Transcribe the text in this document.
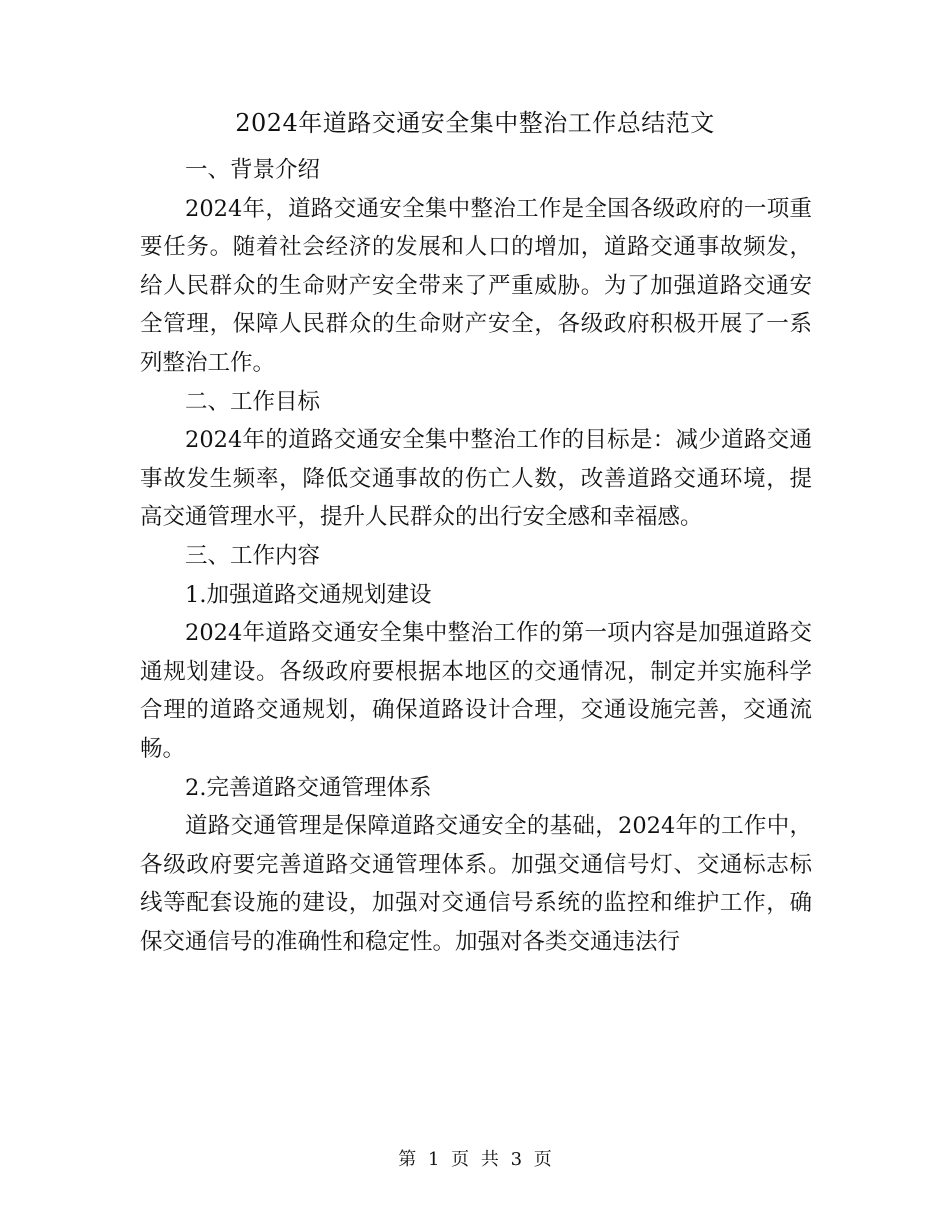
2024年道路交通安全集中整治工作总结范文

一、背景介绍

2024年，道路交通安全集中整治工作是全国各级政府的一项重要任务。随着社会经济的发展和人口的增加，道路交通事故频发，给人民群众的生命财产安全带来了严重威胁。为了加强道路交通安全管理，保障人民群众的生命财产安全，各级政府积极开展了一系列整治工作。

二、工作目标

2024年的道路交通安全集中整治工作的目标是：减少道路交通事故发生频率，降低交通事故的伤亡人数，改善道路交通环境，提高交通管理水平，提升人民群众的出行安全感和幸福感。

三、工作内容

1.加强道路交通规划建设

2024年道路交通安全集中整治工作的第一项内容是加强道路交通规划建设。各级政府要根据本地区的交通情况，制定并实施科学合理的道路交通规划，确保道路设计合理，交通设施完善，交通流畅。

2.完善道路交通管理体系

道路交通管理是保障道路交通安全的基础，2024年的工作中，各级政府要完善道路交通管理体系。加强交通信号灯、交通标志标线等配套设施的建设，加强对交通信号系统的监控和维护工作，确保交通信号的准确性和稳定性。加强对各类交通违法行

第 1 页 共 3 页
